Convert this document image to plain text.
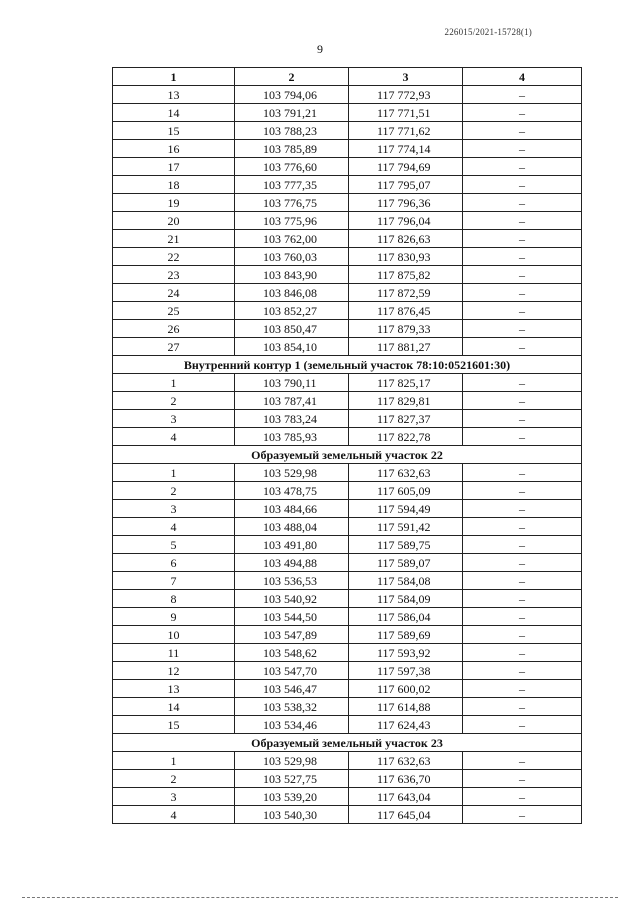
226015/2021-15728(1)
9
1	2	3	4
13	103 794,06	117 772,93	–
14	103 791,21	117 771,51	–
15	103 788,23	117 771,62	–
16	103 785,89	117 774,14	–
17	103 776,60	117 794,69	–
18	103 777,35	117 795,07	–
19	103 776,75	117 796,36	–
20	103 775,96	117 796,04	–
21	103 762,00	117 826,63	–
22	103 760,03	117 830,93	–
23	103 843,90	117 875,82	–
24	103 846,08	117 872,59	–
25	103 852,27	117 876,45	–
26	103 850,47	117 879,33	–
27	103 854,10	117 881,27	–
Внутренний контур 1 (земельный участок 78:10:0521601:30)			
1	103 790,11	117 825,17	–
2	103 787,41	117 829,81	–
3	103 783,24	117 827,37	–
4	103 785,93	117 822,78	–
Образуемый земельный участок 22			
1	103 529,98	117 632,63	–
2	103 478,75	117 605,09	–
3	103 484,66	117 594,49	–
4	103 488,04	117 591,42	–
5	103 491,80	117 589,75	–
6	103 494,88	117 589,07	–
7	103 536,53	117 584,08	–
8	103 540,92	117 584,09	–
9	103 544,50	117 586,04	–
10	103 547,89	117 589,69	–
11	103 548,62	117 593,92	–
12	103 547,70	117 597,38	–
13	103 546,47	117 600,02	–
14	103 538,32	117 614,88	–
15	103 534,46	117 624,43	–
Образуемый земельный участок 23			
1	103 529,98	117 632,63	–
2	103 527,75	117 636,70	–
3	103 539,20	117 643,04	–
4	103 540,30	117 645,04	–
